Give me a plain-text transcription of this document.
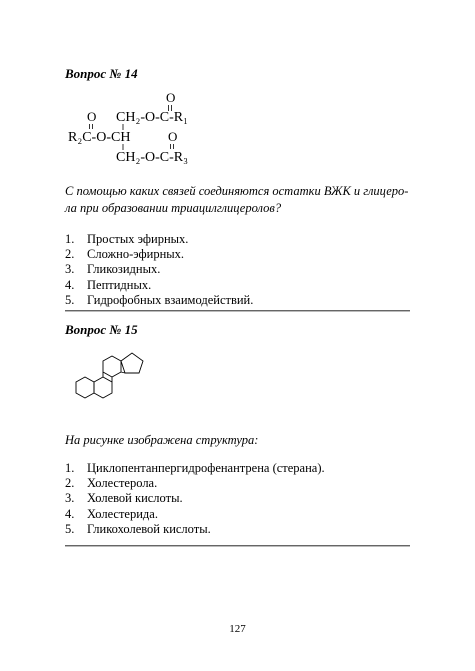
Вопрос № 14
O
CH₂-O-C-R₁
O
R₂C-O-CH	O
CH₂-O-C-R₃
С помощью каких связей соединяются остатки ВЖК и глицеро-ла при образовании триацилглицеролов?
1.	Простых эфирных.
2.	Сложно-эфирных.
3.	Гликозидных.
4.	Пептидных.
5.	Гидрофобных взаимодействий.
Вопрос № 15
На рисунке изображена структура:
1.	Циклопентанпергидрофенантрена (стерана).
2.	Холестерола.
3.	Холевой кислоты.
4.	Холестерида.
5.	Гликохолевой кислоты.
127
